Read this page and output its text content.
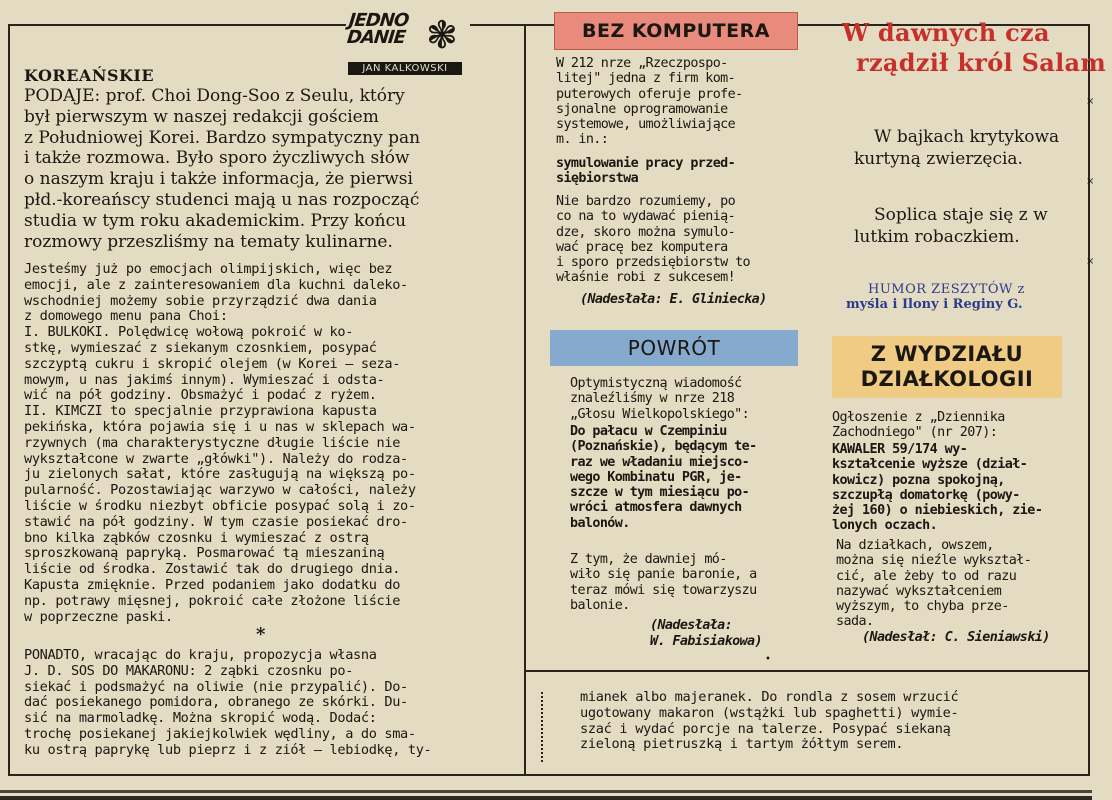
JEDNO
DANIE ❃
JAN KALKOWSKI
KOREAŃSKIE
PODAJE: prof. Choi Dong-Soo z Seulu, który
był pierwszym w naszej redakcji gościem
z Południowej Korei. Bardzo sympatyczny pan
i także rozmowa. Było sporo życzliwych słów
o naszym kraju i także informacja, że pierwsi
płd.-koreańscy studenci mają u nas rozpocząć
studia w tym roku akademickim. Przy końcu
rozmowy przeszliśmy na tematy kulinarne.
Jesteśmy już po emocjach olimpijskich, więc bez
emocji, ale z zainteresowaniem dla kuchni daleko-
wschodniej możemy sobie przyrządzić dwa dania
z domowego menu pana Choi:
I. BULKOKI. Polędwicę wołową pokroić w ko-
stkę, wymieszać z siekanym czosnkiem, posypać
szczyptą cukru i skropić olejem (w Korei — seza-
mowym, u nas jakimś innym). Wymieszać i odsta-
wić na pół godziny. Obsmażyć i podać z ryżem.
II. KIMCZI to specjalnie przyprawiona kapusta
pekińska, która pojawia się i u nas w sklepach wa-
rzywnych (ma charakterystyczne długie liście nie
wykształcone w zwarte „główki"). Należy do rodza-
ju zielonych sałat, które zasługują na większą po-
pularność. Pozostawiając warzywo w całości, należy
liście w środku niezbyt obficie posypać solą i zo-
stawić na pół godziny. W tym czasie posiekać dro-
bno kilka ząbków czosnku i wymieszać z ostrą
sproszkowaną papryką. Posmarować tą mieszaniną
liście od środka. Zostawić tak do drugiego dnia.
Kapusta zmięknie. Przed podaniem jako dodatku do
np. potrawy mięsnej, pokroić całe złożone liście
w poprzeczne paski.
*
PONADTO, wracając do kraju, propozycja własna
J. D. SOS DO MAKARONU: 2 ząbki czosnku po-
siekać i podsmażyć na oliwie (nie przypalić). Do-
dać posiekanego pomidora, obranego ze skórki. Du-
sić na marmoladkę. Można skropić wodą. Dodać:
trochę posiekanej jakiejkolwiek wędliny, a do sma-
ku ostrą paprykę lub pieprz i z ziół — lebiodkę, ty-
BEZ KOMPUTERA
W 212 nrze „Rzeczpospo-
litej" jedna z firm kom-
puterowych oferuje profe-
sjonalne oprogramowanie
systemowe, umożliwiające
m. in.:
symulowanie pracy przed-
siębiorstwa
Nie bardzo rozumiemy, po
co na to wydawać pienią-
dze, skoro można symulo-
wać pracę bez komputera
i sporo przedsiębiorstw to
właśnie robi z sukcesem!
(Nadesłała: E. Glinieckа)
POWRÓT
Optymistyczną wiadomość
znaleźliśmy w nrze 218
„Głosu Wielkopolskiego":
Do pałacu w Czempiniu
(Poznańskie), będącym te-
raz we władaniu miejsco-
wego Kombinatu PGR, je-
szcze w tym miesiącu po-
wróci atmosfera dawnych
balonów.
Z tym, że dawniej mó-
wiło się panie baronie, a
teraz mówi się towarzyszu
balonie.
(Nadesłała:
W. Fabisiakowa)
•
W dawnych cza
rządził król Salam
×
W bajkach krytykowa
kurtyną zwierzęcia.
×
Soplica staje się z w
lutkim robaczkiem.
×
HUMOR ZESZYTÓW z
myśla i Ilony i Reginy G.
Z WYDZIAŁU
DZIAŁKOLOGII
Ogłoszenie z „Dziennika
Zachodniego" (nr 207):
KAWALER 59/174 wy-
kształcenie wyższe (dział-
kowicz) pozna spokojną,
szczupłą domatorkę (powy-
żej 160) o niebieskich, zie-
lonych oczach.
Na działkach, owszem,
można się nieźle wykształ-
cić, ale żeby to od razu
nazywać wykształceniem
wyższym, to chyba prze-
sada.
(Nadesłał: C. Sieniawski)
mianek albo majeranek. Do rondla z sosem wrzucić
ugotowany makaron (wstążki lub spaghetti) wymie-
szać i wydać porcje na talerze. Posypać siekaną
zieloną pietruszką i tartym żółtym serem.
